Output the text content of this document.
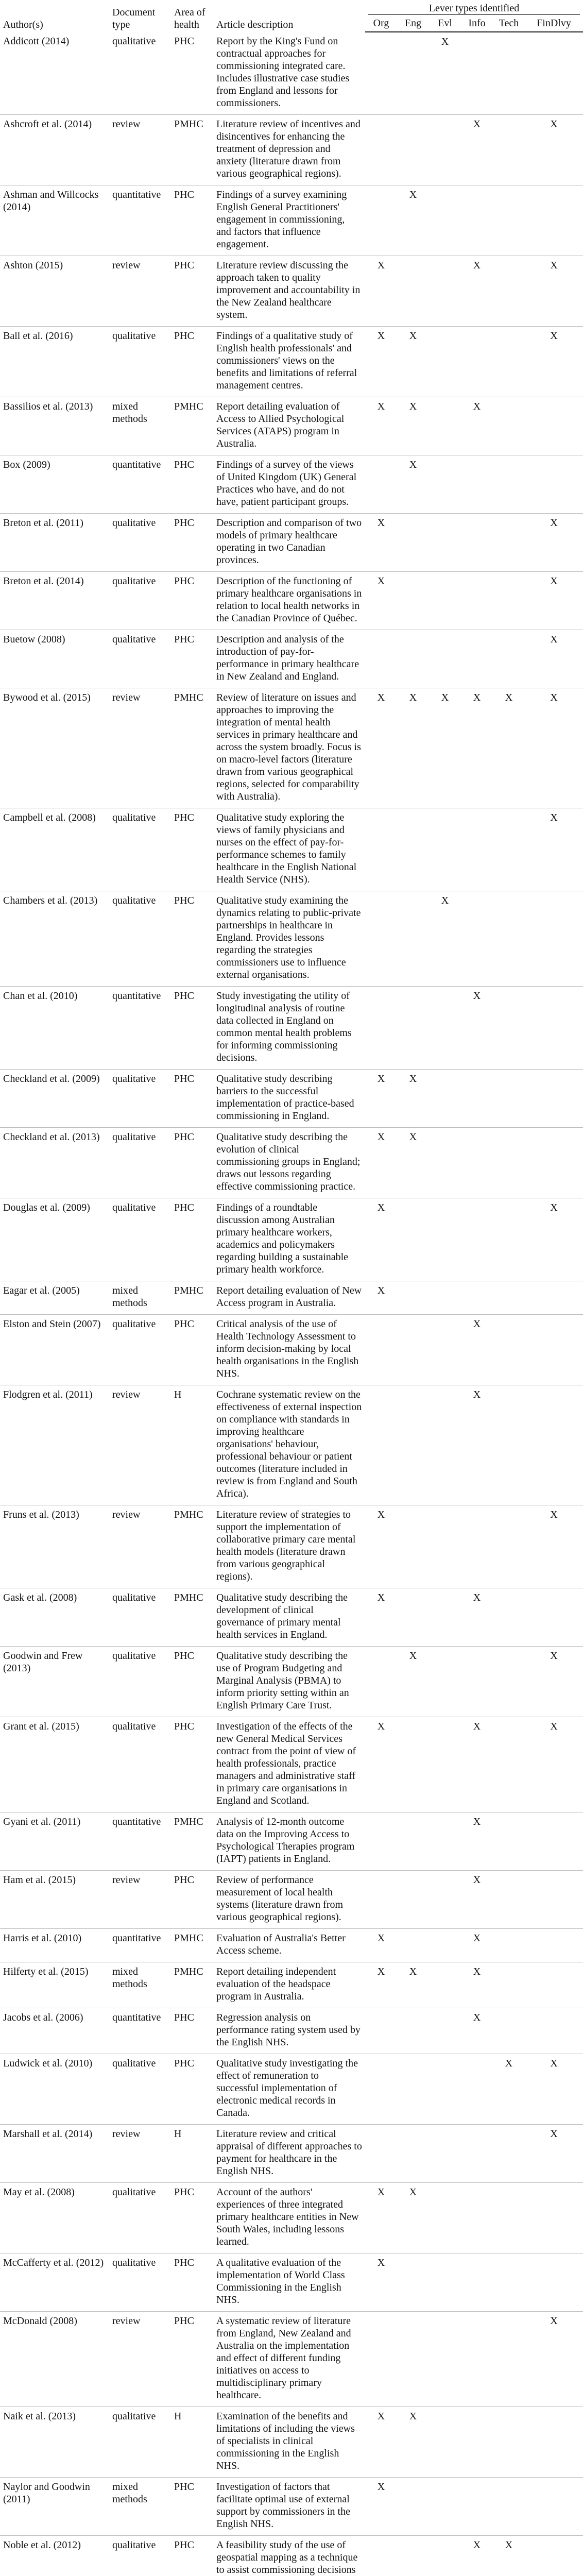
Author(s)	Document type	Area of health	Article description	Lever types identified					

				Org	Eng	Evl	Info	Tech	FinDlvy
Addicott (2014)	qualitative	PHC	Report by the King's Fund on contractual approaches for commissioning integrated care. Includes illustrative case studies from England and lessons for commissioners.			X			
Ashcroft et al. (2014)	review	PMHC	Literature review of incentives and disincentives for enhancing the treatment of depression and anxiety (literature drawn from various geographical regions).				X		X
Ashman and Willcocks (2014)	quantitative	PHC	Findings of a survey examining English General Practitioners' engagement in commissioning, and factors that influence engagement.		X				
Ashton (2015)	review	PHC	Literature review discussing the approach taken to quality improvement and accountability in the New Zealand healthcare system.	X			X		X
Ball et al. (2016)	qualitative	PHC	Findings of a qualitative study of English health professionals' and commissioners' views on the benefits and limitations of referral management centres.	X	X				X
Bassilios et al. (2013)	mixed methods	PMHC	Report detailing evaluation of Access to Allied Psychological Services (ATAPS) program in Australia.	X	X		X		
Box (2009)	quantitative	PHC	Findings of a survey of the views of United Kingdom (UK) General Practices who have, and do not have, patient participant groups.		X				
Breton et al. (2011)	qualitative	PHC	Description and comparison of two models of primary healthcare operating in two Canadian provinces.	X					X
Breton et al. (2014)	qualitative	PHC	Description of the functioning of primary healthcare organisations in relation to local health networks in the Canadian Province of Québec.	X					X
Buetow (2008)	qualitative	PHC	Description and analysis of the introduction of pay-for-performance in primary healthcare in New Zealand and England.						X
Bywood et al. (2015)	review	PMHC	Review of literature on issues and approaches to improving the integration of mental health services in primary healthcare and across the system broadly. Focus is on macro-level factors (literature drawn from various geographical regions, selected for comparability with Australia).	X	X	X	X	X	X
Campbell et al. (2008)	qualitative	PHC	Qualitative study exploring the views of family physicians and nurses on the effect of pay-for-performance schemes to family healthcare in the English National Health Service (NHS).						X
Chambers et al. (2013)	qualitative	PHC	Qualitative study examining the dynamics relating to public-private partnerships in healthcare in England. Provides lessons regarding the strategies commissioners use to influence external organisations.			X			
Chan et al. (2010)	quantitative	PHC	Study investigating the utility of longitudinal analysis of routine data collected in England on common mental health problems for informing commissioning decisions.				X		
Checkland et al. (2009)	qualitative	PHC	Qualitative study describing barriers to the successful implementation of practice-based commissioning in England.	X	X				
Checkland et al. (2013)	qualitative	PHC	Qualitative study describing the evolution of clinical commissioning groups in England; draws out lessons regarding effective commissioning practice.	X	X				
Douglas et al. (2009)	qualitative	PHC	Findings of a roundtable discussion among Australian primary healthcare workers, academics and policymakers regarding building a sustainable primary health workforce.	X					X
Eagar et al. (2005)	mixed methods	PMHC	Report detailing evaluation of New Access program in Australia.	X					
Elston and Stein (2007)	qualitative	PHC	Critical analysis of the use of Health Technology Assessment to inform decision-making by local health organisations in the English NHS.				X		
Flodgren et al. (2011)	review	H	Cochrane systematic review on the effectiveness of external inspection on compliance with standards in improving healthcare organisations' behaviour, professional behaviour or patient outcomes (literature included in review is from England and South Africa).				X		
Fruns et al. (2013)	review	PMHC	Literature review of strategies to support the implementation of collaborative primary care mental health models (literature drawn from various geographical regions).	X					X
Gask et al. (2008)	qualitative	PMHC	Qualitative study describing the development of clinical governance of primary mental health services in England.	X			X		
Goodwin and Frew (2013)	qualitative	PHC	Qualitative study describing the use of Program Budgeting and Marginal Analysis (PBMA) to inform priority setting within an English Primary Care Trust.		X				X
Grant et al. (2015)	qualitative	PHC	Investigation of the effects of the new General Medical Services contract from the point of view of health professionals, practice managers and administrative staff in primary care organisations in England and Scotland.	X			X		X
Gyani et al. (2011)	quantitative	PMHC	Analysis of 12-month outcome data on the Improving Access to Psychological Therapies program (IAPT) patients in England.				X		
Ham et al. (2015)	review	PHC	Review of performance measurement of local health systems (literature drawn from various geographical regions).				X		
Harris et al. (2010)	quantitative	PMHC	Evaluation of Australia's Better Access scheme.	X			X		
Hilferty et al. (2015)	mixed methods	PMHC	Report detailing independent evaluation of the headspace program in Australia.	X	X		X		
Jacobs et al. (2006)	quantitative	PHC	Regression analysis on performance rating system used by the English NHS.				X		
Ludwick et al. (2010)	qualitative	PHC	Qualitative study investigating the effect of remuneration to successful implementation of electronic medical records in Canada.					X	X
Marshall et al. (2014)	review	H	Literature review and critical appraisal of different approaches to payment for healthcare in the English NHS.						X
May et al. (2008)	qualitative	PHC	Account of the authors' experiences of three integrated primary healthcare entities in New South Wales, including lessons learned.	X	X				
McCafferty et al. (2012)	qualitative	PHC	A qualitative evaluation of the implementation of World Class Commissioning in the English NHS.	X					
McDonald (2008)	review	PHC	A systematic review of literature from England, New Zealand and Australia on the implementation and effect of different funding initiatives on access to multidisciplinary primary healthcare.						X
Naik et al. (2013)	qualitative	H	Examination of the benefits and limitations of including the views of specialists in clinical commissioning in the English NHS.	X	X				
Naylor and Goodwin (2011)	mixed methods	PHC	Investigation of factors that facilitate optimal use of external support by commissioners in the English NHS.	X					
Noble et al. (2012)	qualitative	PHC	A feasibility study of the use of geospatial mapping as a technique to assist commissioning decisions				X	X	
